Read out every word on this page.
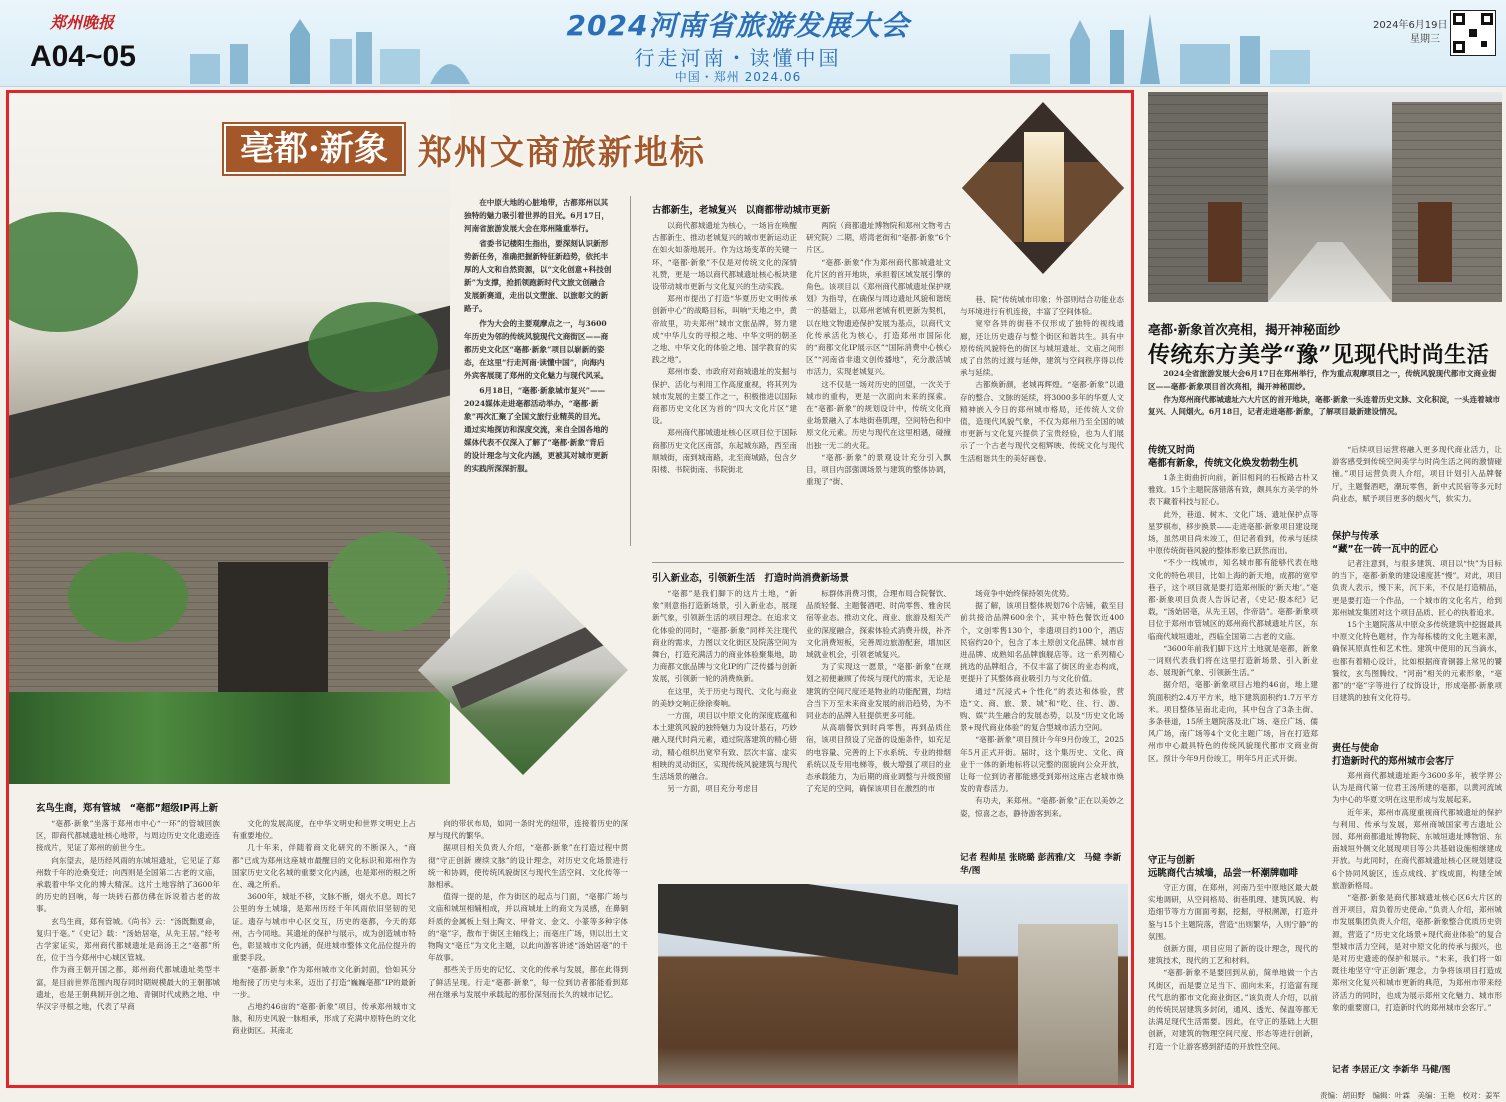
郑州晚报
A04~05
2024河南省旅游发展大会
行走河南・读懂中国
中国・郑州 2024.06
2024年6月19日
星期三
亳都·新象 郑州文商旅新地标

在中原大地的心脏地带，古都郑州以其独特的魅力吸引着世界的目光。6月17日，河南省旅游发展大会在郑州隆重举行。

省委书记楼阳生指出，要深刻认识新形势新任务，准确把握新特征新趋势，依托丰厚的人文和自然资源，以“文化创意+科技创新”为支撑，抢抓领跑新时代文旅文创融合发展新赛道，走出以文塑旅、以旅彰文的新路子。

作为大会的主要观摩点之一，与3600年历史为邻的传统风貌现代文商街区——商都历史文化区“亳都·新象”项目以崭新的姿态，在这里“行走河南·读懂中国”，向海内外宾客展现了郑州的文化魅力与现代风采。

6月18日，“亳都·新象城市复兴”——2024媒体走进亳都活动举办，“亳都·新象”再次汇聚了全国文旅行业精英的目光。通过实地探访和深度交流，来自全国各地的媒体代表不仅深入了解了“亳都·新象”背后的设计理念与文化内涵，更被其对城市更新的实践所深深折服。

古都新生，老城复兴　以商都带动城市更新

以商代都城遗址为核心，一场旨在唤醒古都新生、推动老城复兴的城市更新运动正在如火如荼地展开。作为这场变革的关键一环，“亳都·新象”不仅是对传统文化的深情礼赞，更是一场以商代都城遗址核心板块建设带动城市更新与文化复兴的生动实践。

郑州市提出了打造“华夏历史文明传承创新中心”的战略目标，叫响“天地之中，黄帝故里，功夫郑州”城市文旅品牌，努力建成“中华儿女的寻根之地、中华文明的朝圣之地、中华文化的体验之地、国学教育的实践之地”。

郑州市委、市政府对商城遗址的发掘与保护、活化与利用工作高度重视，将其列为城市发展的主要工作之一，积极推进以国际商都历史文化区为首的“四大文化片区”建设。

郑州商代都城遗址核心区项目位于国际商都历史文化区南部，东起城东路，西至南顺城街，南到城南路，北至商城路，包含夕阳楼、书院街南、书院街北

两院（商都遗址博物院和郑州文物考古研究院）二期，塔湾老街和“亳都·新象”6个片区。

“亳都·新象”作为郑州商代都城遗址文化片区的首开地块，承担着区域发展引擎的角色。该项目以《郑州商代都城遗址保护规划》为指导，在确保与周边遗址风貌和谐统一的基础上，以郑州老城有机更新为契机，以在地文物遗迹保护发展为基点，以商代文化传承活化为核心，打造郑州市国际化的“商都文化IP展示区”“国际消费中心核心区”“河南省非遗文创传播地”，充分激活城市活力，实现老城复兴。

这不仅是一场对历史的回望，一次关于城市的重构，更是一次面向未来的探索。在“亳都·新象”的规划设计中，传统文化商业场景融入了本地街巷肌理，空间特色和中原文化元素。历史与现代在这里相遇，碰撞出独一无二的火花。

“亳都·新象”的景观设计充分引入飘目，项目内部强调场景与建筑的整体协调，重现了“街、

巷、院”传统城市印象；外部则结合功能业态与环境进行有机连接，丰富了空间体验。

宽窄各异的街巷不仅形成了独特的视线通廊，还让历史遗存与整个街区和谐共生。具有中原传统风貌特色的街区与城垣遗址、文庙之间形成了自然的过渡与延伸，建筑与空间秩序得以传承与延续。

古都焕新颜，老城再辉煌。“亳都·新象”以遗存的整合、文脉的延续，将3000多年的华夏人文精神嵌入今日的郑州城市格局，还传统人文价值，造现代风貌气象，不仅为郑州乃至全国的城市更新与文化复兴提供了宝贵经验，也为人们展示了一个古老与现代交相辉映、传统文化与现代生活相谐共生的美好画卷。

引入新业态，引领新生活　打造时尚消费新场景

“亳都”是我们脚下的这片土地，“新象”则意指打造新场景，引入新业态，展现新气象，引领新生活的项目理念。在追求文化体验的同时，“亳都·新象”同样关注现代商业的需求，力图以文化街区及院落空间为舞台，打造充满活力的商业体验聚集地，助力商都文旅品牌与文化IP的广泛传播与创新发展，引领新一轮的消费焕新。

在这里，关于历史与现代、文化与商业的美妙交响正徐徐奏响。

一方面，项目以中原文化的深度底蕴和本土建筑风貌的独特魅力为设计基石，巧妙融入现代时尚元素，通过院落建筑的精心错动，精心组织出宽窄有致、层次丰富、虚实相映的灵动街区，实现传统风貌建筑与现代生活场景的融合。

另一方面，项目充分考虑目

标群体消费习惯，合理布局合院餐饮、品质轻餐、主题餐酒吧、时尚零售、雅舍民宿等业态。推动文化、商业、旅游及相关产业的深度融合，探索体验式消费升级，补齐文化消费短板，完善周边旅游配套，增加区域就业机会，引领老城复兴。

为了实现这一愿景，“亳都·新象”在规划之初便兼顾了传统与现代的需求，无论是建筑的空间尺度还是物业的功能配置，均结合当下万至未来商业发展的前沿趋势，为不同业态的品牌入驻提供更多可能。

从高端餐饮到时尚零售，再到品质住宿，该项目预设了完备的设施条件，如充足的电容量、完善的上下水系统、专业的排烟系统以及专用电梯等，极大增强了项目的业态承载能力，为后期的商业调整与升级预留了充足的空间，确保该项目在激烈的市

场竞争中始终保持领先优势。

据了解，该项目整体规划76个店铺，截至目前共接洽品牌600余个，其中特色餐饮近400个，文创零售130个，非遗项目约100个，酒店民宿约20个，包含了本土原创文化品牌、城市首进品牌、成熟知名品牌旗舰店等。这一系列精心挑选的品牌组合，不仅丰富了街区的业态构成，更提升了其整体商业吸引力与文化价值。

通过“沉浸式+个性化”的表达和体验，营造“文、商、旅、景、城”和“吃、住、行、游、购、娱”共生融合的发展态势，以及“历史文化场景+现代商业体验”的复合型城市活力空间。

“亳都·新象”项目预计今年9月份竣工，2025年5月正式开街。届时，这个集历史、文化、商业于一体的新地标将以完整的面貌向公众开放，让每一位到访者都能感受到郑州这座古老城市焕发的青春活力。

有功夫，来郑州。“亳都·新象”正在以美妙之姿，惊喜之态，静待游客到来。

记者 程帅星 张晓璐 彭茜雅/文　马健 李新华/图
玄鸟生商，郑有管城　“亳都”超级IP再上新

“亳都·新象”坐落于郑州市中心“一环”的管城回族区，即商代都城遗址核心地带，与周边历史文化遗迹连接成片，见证了郑州的前世今生。

向东望去，是历经风雨的东城垣遗址，它见证了郑州数千年的沧桑变迁；向西则是全国第二古老的文庙，承载着中华文化的博大精深。这片土地容纳了3600年的历史的回响，每一块砖石都仿佛在诉说着古老的故事。

玄鸟生商，郑有管城。《尚书》云：“汤既黜夏命，复归于亳。”《史记》载：“汤始居亳，从先王居。”经考古学家证实，郑州商代都城遗址是商汤王之“亳都”所在，位于当今郑州中心城区管城。

作为商王朝开国之都，郑州商代都城遗址类型丰富，是目前世界范围内现存同时期规模最大的王朝都城遗址，也是王朝典制开创之地、青铜时代成熟之地、中华汉字寻根之地，代表了早商

文化的发展高度，在中华文明史和世界文明史上占有重要地位。

几十年来，伴随着商文化研究的不断深入，“商都”已成为郑州这座城市最醒目的文化标识和郑州作为国家历史文化名城的重要文化内涵，也是郑州的根之所在、魂之所系。

3600年，城址不移，文脉不断，烟火不息。周长7公里的夯土城墙，是郑州历经千年风雨依旧坚韧的见证。遗存与城市中心区交互，历史的亳都，今天的郑州，古今同地。其遗址的保护与展示，成为创造城市特色，彰显城市文化内涵，促进城市整体文化品位提升的重要手段。

“亳都·新象”作为郑州城市文化新封面，恰如其分地衔接了历史与未来，迈出了打造“巍巍亳都”IP的最新一步。

占地约46亩的“亳都·新象”项目，传承郑州城市文脉，和历史风貌一脉相承，形成了充满中原特色的文化商业街区。其南北

向的带状布局，如同一条时光的纽带，连接着历史的深厚与现代的繁华。

据项目相关负责人介绍，“亳都·新象”在打造过程中贯彻“守正创新 赓续文脉”的设计理念，对历史文化场景进行统一和协调，使传统风貌街区与现代生活空间、文化传等一脉相承。

值得一提的是，作为街区的起点与门面，“亳都广场与文庙和城垣相辅相成，并以商城址上的商文为灵感，在鼻铜纤质的金属板上刻上陶文、甲骨文、金文、小篆等多种字体的“亳”字，散布于街区主轴线上；而亳庄广场，则以出土文物陶文“亳丘”为文化主题，以此向游客讲述“汤始居亳”的千年故事。

那些关于历史的记忆、文化的传承与发展，都在此得到了鲜活呈现。行走“亳都·新象”，每一位到访者都能看到郑州在继承与发展中承载起的那份深刻而长久的城市记忆。

亳都·新象首次亮相，揭开神秘面纱
传统东方美学“豫”见现代时尚生活

2024全省旅游发展大会6月17日在郑州举行，作为重点观摩项目之一，传统风貌现代都市文商业街区——亳都·新象项目首次亮相，揭开神秘面纱。

作为郑州商代都城遗址六大片区的首开地块，亳都·新象一头连着历史文脉、文化积淀，一头连着城市复兴、人间烟火。6月18日，记者走进亳都·新象，了解项目最新建设情况。

传统又时尚
亳都有新象，传统文化焕发勃勃生机

1条主街曲折向前，新旧相间的石板路古朴又雅致。15个主题院落错落有致，颇具东方美学的外表下藏着科技与匠心。

此外，巷道、树木、文化广场、遗址保护点等星罗棋布，移步换景——走进亳都·新象项目建设现场，虽然项目尚未竣工，但记者看到，传承与延续中原传统街巷风貌的整体形象已跃然而出。

“不少一线城市，知名城市都有能够代表在地文化的特色项目，比如上海的新天地，成都的宽窄巷子，这个项目就是要打造郑州版的‘新天地’。”亳都·新象项目负责人告诉记者，《史记·殷本纪》记载，“汤始居亳，从先王居，作帝诰”。亳都·新象项目位于郑州市管城区的郑州商代都城遗址片区，东临商代城垣遗址，西临全国第二古老的文庙。

“3600年前我们脚下这片土地就是亳都，新象一词则代表我们将在这里打造新场景、引入新业态、展现新气象、引领新生活。”

据介绍，亳都·新象项目占地约46亩，地上建筑面积约2.4万平方米，地下建筑面积约1.7万平方米。项目整体呈南北走向，其中包含了3条主街、多条巷道，15所主题院落及北广场、亳丘广场、儒风广场，南广场等4个文化主题广场，旨在打造郑州市中心最具特色的传统风貌现代都市文商业街区。预计今年9月份竣工，明年5月正式开街。

守正与创新
远眺商代古城墙，品尝一杯潮牌咖啡

守正方面，在郑州，河南乃至中原地区最大最实地调研，从空间格局、街巷肌理、建筑风貌、构造细节等方方面面考据，挖掘，寻根溯源，打造并鉴与15个主题院落，营造“出则繁华，入则宁静”的氛围。

创新方面，项目应用了新的设计理念，现代的建筑技术，现代的工艺和材料。

“亳都·新象不是要回到从前，简单地做一个古风街区，而是要立足当下、面向未来，打造富有现代气息的都市文化商业街区。”该负责人介绍，以前的传统民居建筑多封闭，通风、透光、保温等都无法满足现代生活需要。因此，在守正的基础上大胆创新，对建筑的物理空间尺度、形态等进行创新，打造一个让游客感到舒适的开放性空间。

“后续项目运营将融入更多现代商业活力，让游客感受到传统空间美学与时尚生活之间的激情碰撞。”项目运营负责人介绍，项目计划引入品牌餐厅，主题餐酒吧，潮玩零售，新中式民宿等多元时尚业态，赋予项目更多的烟火气，软实力。

保护与传承
“藏”在一砖一瓦中的匠心

记者注意到，与很多建筑、项目以“快”为目标的当下，亳都·新象的建设速度甚“慢”。对此，项目负责人表示，慢下来，沉下来，不仅是打造精品，更是要打造一个作品，一个城市的文化名片，给到郑州城发集团对这个项目品质、匠心的执着追求。

15个主题院落从中原众多传统建筑中挖掘最具中原文化特色题材，作为每栋楼的文化主题来源，确保其原真性和艺术性。建筑中使用的瓦当滴水，也都有着精心设计，比如根据商青铜器上常见的饕餮纹，玄鸟图腾纹、“河南”相关的元素形象，“亳都”的“亳”字等进行了纹饰设计，形成亳都·新象项目建筑的独有文化符号。

责任与使命
打造新时代的郑州城市会客厅

郑州商代都城遗址距今3600多年，被学界公认为是商代第一位君王汤所建的亳都，以黄河流域为中心的华夏文明在这里形成与发展起来。

近年来，郑州市高度重视商代都城遗址的保护与利用、传承与发展，郑州商城国家考古遗址公园、郑州商都遗址博物院、东城垣遗址博物馆、东南城垣外侧文化展现项目等公共基础设施相继建成开放。与此同时，在商代都城遗址核心区规划建设6个协同风貌区，连点成线、扩线成面，构建全域旅游新格局。

“亳都·新象是商代都城遗址核心区6大片区的首开项目，肩负着历史使命。”负责人介绍，郑州城市发展集团负责人介绍，亳都·新象整合优质历史资源，营造了“历史文化场景+现代商业体验”的复合型城市活力空间，是对中原文化的传承与振兴，也是对历史遗迹的保护和展示。“未来，我们将一如既往地坚守‘守正创新’理念，力争将该项目打造成郑州文化复兴和城市更新的典范，为郑州市带来经济活力的同时，也成为展示郑州文化魅力、城市形象的重要窗口，打造新时代的郑州城市会客厅。”

记者 李居正/文 李新华 马健/图
责编：胡田野　编辑：叶霖　美编：王艳　校对：姜军
